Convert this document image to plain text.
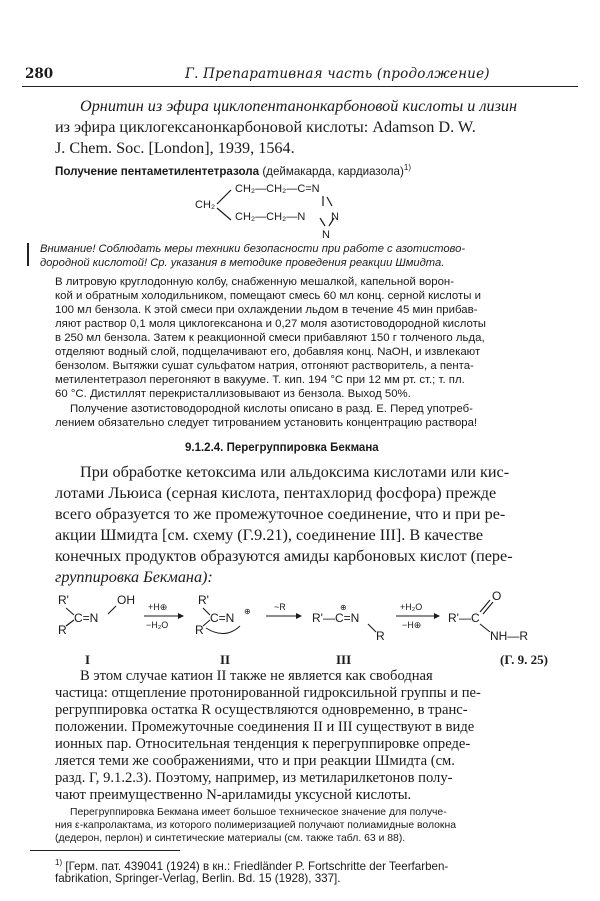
280	Г. Препаративная часть (продолжение)
Орнитин из эфира циклопентанонкарбоновой кислоты и лизин
из эфира циклогексанонкарбоновой кислоты: Adamson D. W.
J. Chem. Soc. [London], 1939, 1564.
Получение пентаметилентетразола (деймакарда, кардиазола)$^{1)}$
CH₂—CH₂—C=N
CH₂
CH₂—CH₂—N N
N
Внимание! Соблюдать меры техники безопасности при работе с азотистово-
дородной кислотой! Ср. указания в методике проведения реакции Шмидта.
В литровую круглодонную колбу, снабженную мешалкой, капельной ворон-
кой и обратным холодильником, помещают смесь 60 мл конц. серной кислоты и
100 мл бензола. К этой смеси при охлаждении льдом в течение 45 мин прибав-
ляют раствор 0,1 моля циклогексанона и 0,27 моля азотистоводородной кислоты
в 250 мл бензола. Затем к реакционной смеси прибавляют 150 г толченого льда,
отделяют водный слой, подщелачивают его, добавляя конц. NaOH, и извлекают
бензолом. Вытяжки сушат сульфатом натрия, отгоняют растворитель, а пента-
метилентетразол перегоняют в вакууме. Т. кип. 194 °С при 12 мм рт. ст.; т. пл.
60 °С. Дистиллят перекристаллизовывают из бензола. Выход 50%.
Получение азотистоводородной кислоты описано в разд. Е. Перед употреб-
лением обязательно следует титрованием установить концентрацию раствора!
9.1.2.4. Перегруппировка Бекмана
При обработке кетоксима или альдоксима кислотами или кис-
лотами Льюиса (серная кислота, пентахлорид фосфора) прежде
всего образуется то же промежуточное соединение, что и при ре-
акции Шмидта [см. схему (Г.9.21), соединение III]. В качестве
конечных продуктов образуются амиды карбоновых кислот (пере-
группировка Бекмана):
R'
R
C=N
OH +H⊕
−H₂O
R'
R
C=N ⊕	~R
R'—C=N
⊕
R
+H₂O
−H⊕ R'—C
O
NH—R
I	II	III	(Г. 9. 25)
В этом случае катион II также не является как свободная
частица: отщепление протонированной гидроксильной группы и пе-
регруппировка остатка R осуществляются одновременно, в транс-
положении. Промежуточные соединения II и III существуют в виде
ионных пар. Относительная тенденция к перегруппировке опреде-
ляется теми же соображениями, что и при реакции Шмидта (см.
$^{1)}$ [Герм. пат. 439041 (1924) в кн.: Friedländer P. Fortschritte der Teerfarben-
fabrikation, Springer-Verlag, Berlin. Bd. 15 (1928), 337].
разд. Г, 9.1.2.3). Поэтому, например, из метиларилкетонов полу-
чают преимущественно N-ариламиды уксусной кислоты.
Перегруппировка Бекмана имеет большое техническое значение для получе-
ния ε-капролактама, из которого полимеризацией получают полиамидные волокна
(дедерон, перлон) и синтетические материалы (см. также табл. 63 и 88).
